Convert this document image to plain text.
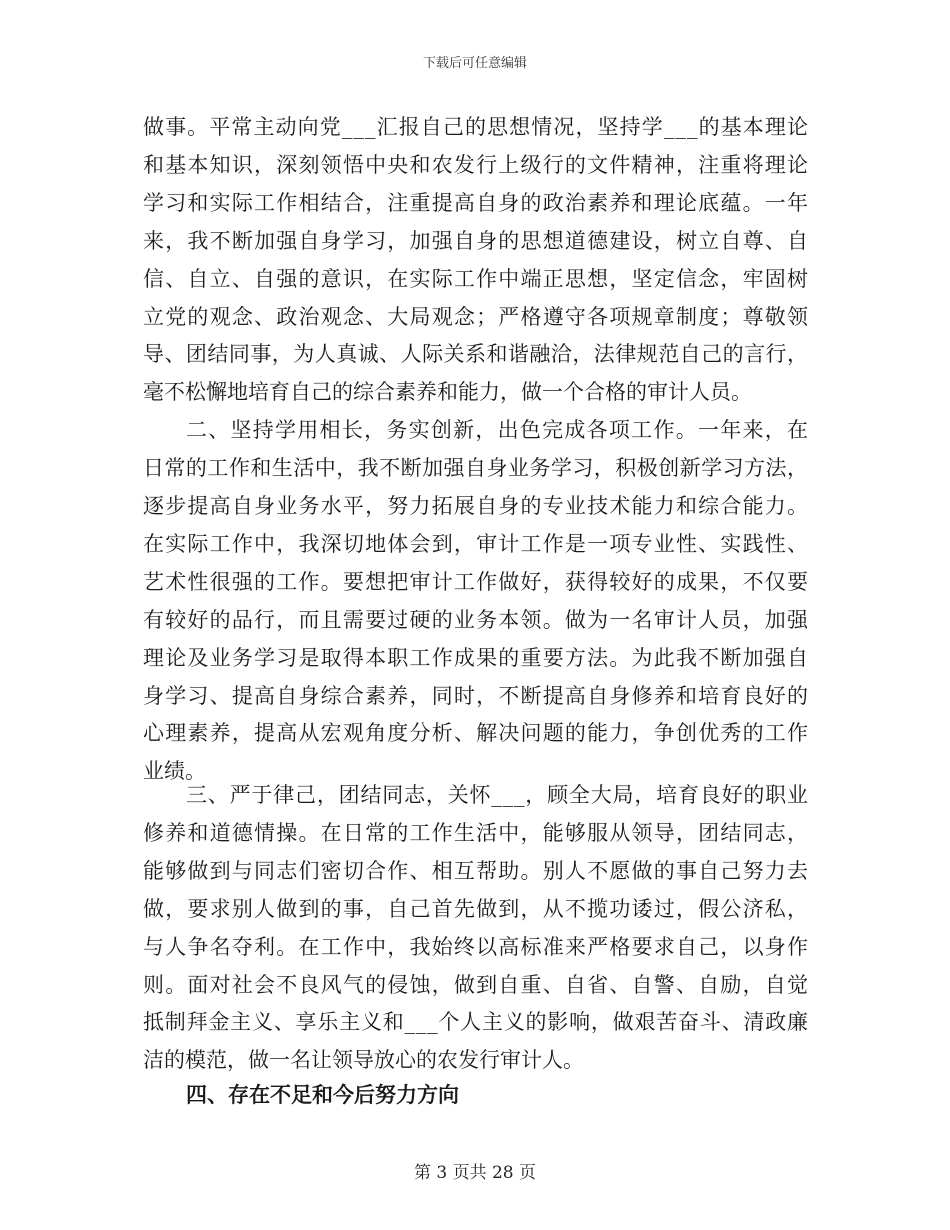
下载后可任意编辑
做事。平常主动向党___汇报自己的思想情况，坚持学___的基本理论
和基本知识，深刻领悟中央和农发行上级行的文件精神，注重将理论
学习和实际工作相结合，注重提高自身的政治素养和理论底蕴。一年
来，我不断加强自身学习，加强自身的思想道德建设，树立自尊、自
信、自立、自强的意识，在实际工作中端正思想，坚定信念，牢固树
立党的观念、政治观念、大局观念；严格遵守各项规章制度；尊敬领
导、团结同事，为人真诚、人际关系和谐融洽，法律规范自己的言行，
毫不松懈地培育自己的综合素养和能力，做一个合格的审计人员。
二、坚持学用相长，务实创新，出色完成各项工作。一年来，在
日常的工作和生活中，我不断加强自身业务学习，积极创新学习方法，
逐步提高自身业务水平，努力拓展自身的专业技术能力和综合能力。
在实际工作中，我深切地体会到，审计工作是一项专业性、实践性、
艺术性很强的工作。要想把审计工作做好，获得较好的成果，不仅要
有较好的品行，而且需要过硬的业务本领。做为一名审计人员，加强
理论及业务学习是取得本职工作成果的重要方法。为此我不断加强自
身学习、提高自身综合素养，同时，不断提高自身修养和培育良好的
心理素养，提高从宏观角度分析、解决问题的能力，争创优秀的工作
业绩。
三、严于律己，团结同志，关怀___，顾全大局，培育良好的职业
修养和道德情操。在日常的工作生活中，能够服从领导，团结同志，
能够做到与同志们密切合作、相互帮助。别人不愿做的事自己努力去
做，要求别人做到的事，自己首先做到，从不揽功诿过，假公济私，
与人争名夺利。在工作中，我始终以高标准来严格要求自己，以身作
则。面对社会不良风气的侵蚀，做到自重、自省、自警、自励，自觉
抵制拜金主义、享乐主义和___个人主义的影响，做艰苦奋斗、清政廉
洁的模范，做一名让领导放心的农发行审计人。
四、存在不足和今后努力方向
第 3 页共 28 页
